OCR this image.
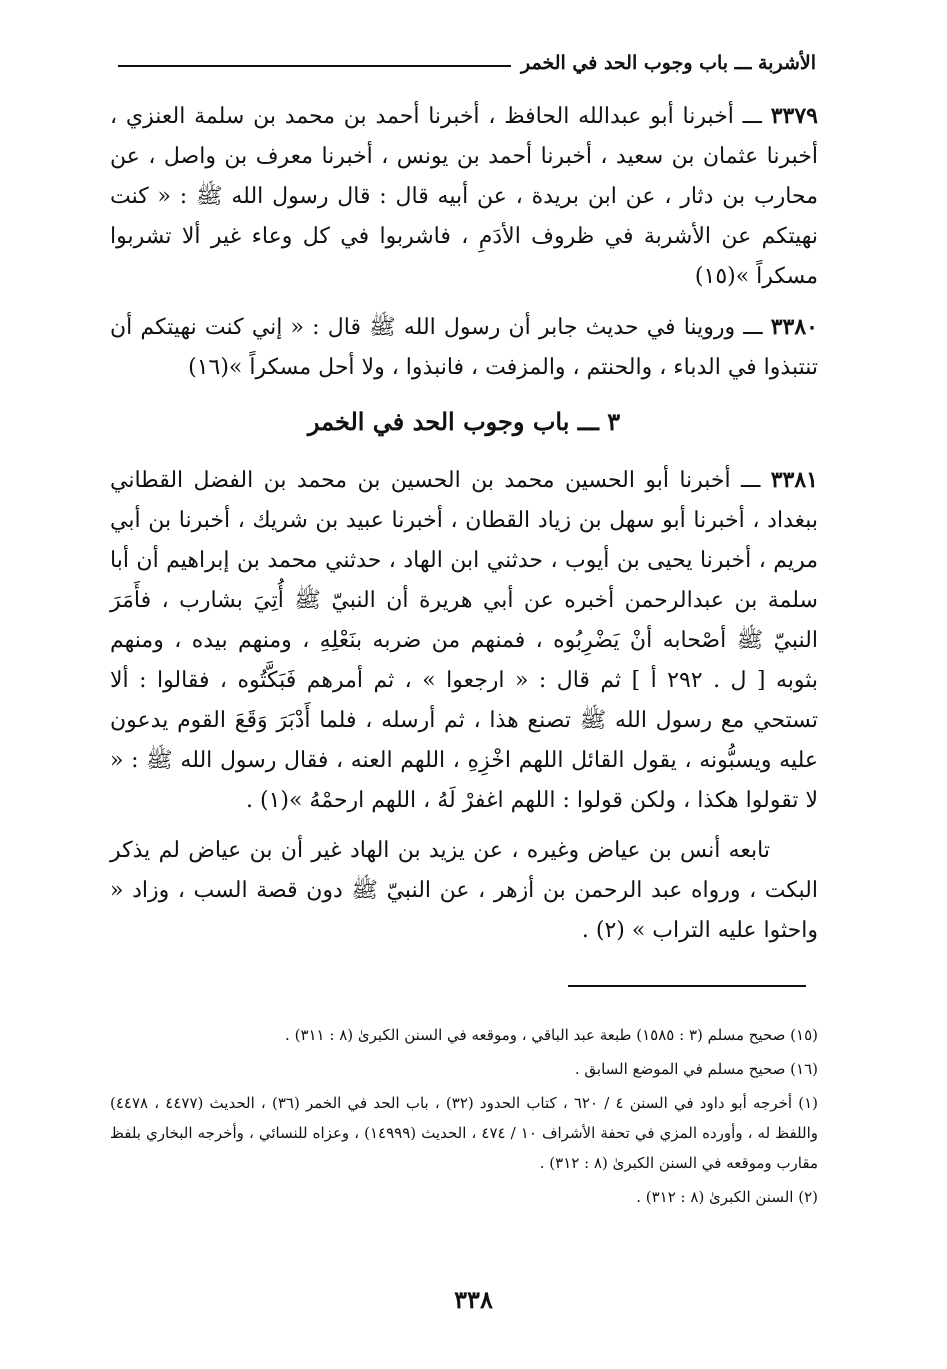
الأشربة ـــ باب وجوب الحد في الخمر

٣٣٧٩ ـــ أخبرنا أبو عبدالله الحافظ ، أخبرنا أحمد بن محمد بن سلمة العنزي ، أخبرنا عثمان بن سعيد ، أخبرنا أحمد بن يونس ، أخبرنا معرف بن واصل ، عن محارب بن دثار ، عن ابن بريدة ، عن أبيه قال : قال رسول الله ﷺ : « كنت نهيتكم عن الأشربة في ظروف الأدَمِ ، فاشربوا في كل وعاء غير ألا تشربوا مسكراً »(١٥)

٣٣٨٠ ـــ وروينا في حديث جابر أن رسول الله ﷺ قال : « إني كنت نهيتكم أن تنتبذوا في الدباء ، والحنتم ، والمزفت ، فانبذوا ، ولا أحل مسكراً »(١٦)

٣ ـــ باب وجوب الحد في الخمر

٣٣٨١ ـــ أخبرنا أبو الحسين محمد بن الحسين بن محمد بن الفضل القطاني ببغداد ، أخبرنا أبو سهل بن زياد القطان ، أخبرنا عبيد بن شريك ، أخبرنا بن أبي مريم ، أخبرنا يحيى بن أيوب ، حدثني ابن الهاد ، حدثني محمد بن إبراهيم أن أبا سلمة بن عبدالرحمن أخبره عن أبي هريرة أن النبيّ ﷺ أُتِيَ بشارب ، فأَمَرَ النبيّ ﷺ أصْحابه أنْ يَضْرِبُوه ، فمنهم من ضربه بنَعْلِهِ ، ومنهم بيده ، ومنهم بثوبه [ ل . ٢٩٢ أ ] ثم قال : « ارجعوا » ، ثم أمرهم فَبَكَّتُوه ، فقالوا : ألا تستحي مع رسول الله ﷺ تصنع هذا ، ثم أرسله ، فلما أَدْبَرَ وَقَعَ القوم يدعون عليه ويسبُّونه ، يقول القائل اللهم اخْزِهِ ، اللهم العنه ، فقال رسول الله ﷺ : « لا تقولوا هكذا ، ولكن قولوا : اللهم اغفرْ لَهُ ، اللهم ارحمْهُ »(١) .

تابعه أنس بن عياض وغيره ، عن يزيد بن الهاد غير أن بن عياض لم يذكر البكت ، ورواه عبد الرحمن بن أزهر ، عن النبيّ ﷺ دون قصة السب ، وزاد « واحثوا عليه التراب » (٢) .

(١٥) صحيح مسلم (٣ : ١٥٨٥) طبعة عبد الباقي ، وموقعه في السنن الكبرىٰ (٨ : ٣١١) .

(١٦) صحيح مسلم في الموضع السابق .

(١) أخرجه أبو داود في السنن ٤ / ٦٢٠ ، كتاب الحدود (٣٢) ، باب الحد في الخمر (٣٦) ، الحديث (٤٤٧٧ ، ٤٤٧٨) واللفظ له ، وأورده المزي في تحفة الأشراف ١٠ / ٤٧٤ ، الحديث (١٤٩٩٩) ، وعزاه للنسائي ، وأخرجه البخاري بلفظ مقارب وموقعه في السنن الكبرىٰ (٨ : ٣١٢) .

(٢) السنن الكبرىٰ (٨ : ٣١٢) .

٣٣٨
